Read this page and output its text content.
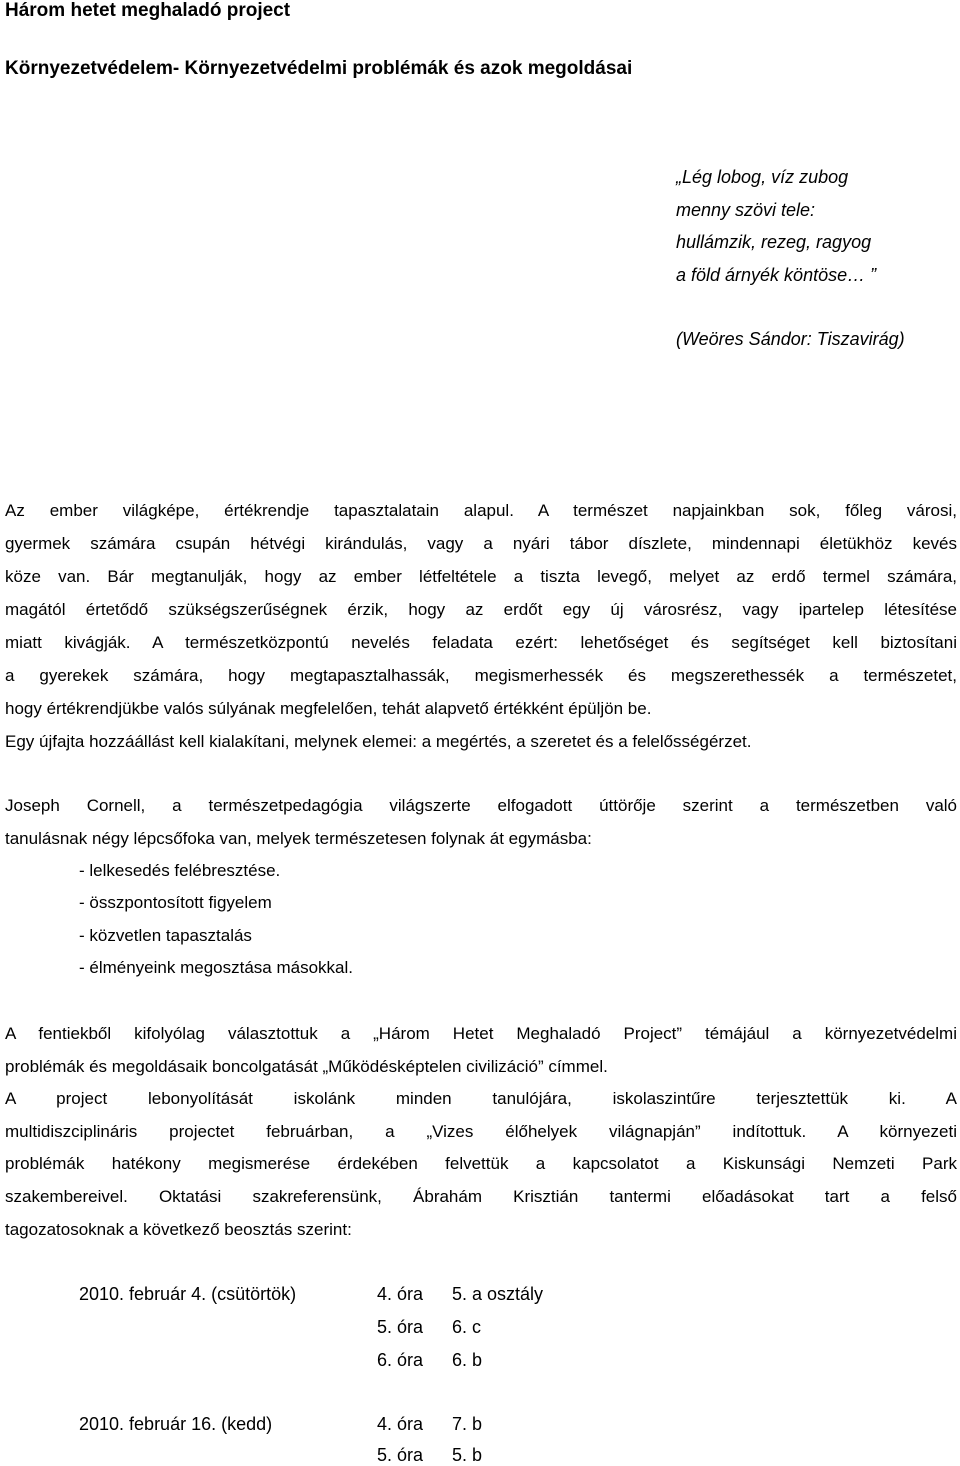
Három hetet meghaladó project
Környezetvédelem- Környezetvédelmi problémák és azok megoldásai
„Lég lobog, víz zubog
menny szövi tele:
hullámzik, rezeg, ragyog
a föld árnyék köntöse… ”
(Weöres Sándor: Tiszavirág)
Az ember világképe, értékrendje tapasztalatain alapul. A természet napjainkban sok, főleg városi,
gyermek számára csupán hétvégi kirándulás, vagy a nyári tábor díszlete, mindennapi életükhöz kevés
köze van. Bár megtanulják, hogy az ember létfeltétele a tiszta levegő, melyet az erdő termel számára,
magától értetődő szükségszerűségnek érzik, hogy az erdőt egy új városrész, vagy ipartelep létesítése
miatt kivágják. A természetközpontú nevelés feladata ezért: lehetőséget és segítséget kell biztosítani
a gyerekek számára, hogy megtapasztalhassák, megismerhessék és megszerethessék a természetet,
hogy értékrendjükbe valós súlyának megfelelően, tehát alapvető értékként épüljön be.
Egy újfajta hozzáállást kell kialakítani, melynek elemei: a megértés, a szeretet és a felelősségérzet.
Joseph Cornell, a természetpedagógia világszerte elfogadott úttörője szerint a természetben való
tanulásnak négy lépcsőfoka van, melyek természetesen folynak át egymásba:
- lelkesedés felébresztése.
- összpontosított figyelem
- közvetlen tapasztalás
- élményeink megosztása másokkal.
A fentiekből kifolyólag választottuk a „Három Hetet Meghaladó Project” témájául a környezetvédelmi
problémák és megoldásaik boncolgatását „Működésképtelen civilizáció” címmel.
A project lebonyolítását iskolánk minden tanulójára, iskolaszintűre terjesztettük ki. A
multidiszciplináris projectet februárban, a „Vizes élőhelyek világnapján” indítottuk. A környezeti
problémák hatékony megismerése érdekében felvettük a kapcsolatot a Kiskunsági Nemzeti Park
szakembereivel. Oktatási szakreferensünk, Ábrahám Krisztián tantermi előadásokat tart a felső
tagozatosoknak a következő beosztás szerint:
2010. február 4. (csütörtök)	4. óra 5. a osztály
5. óra 6. c
6. óra 6. b
2010. február 16. (kedd)	4. óra 7. b
5. óra 5. b
